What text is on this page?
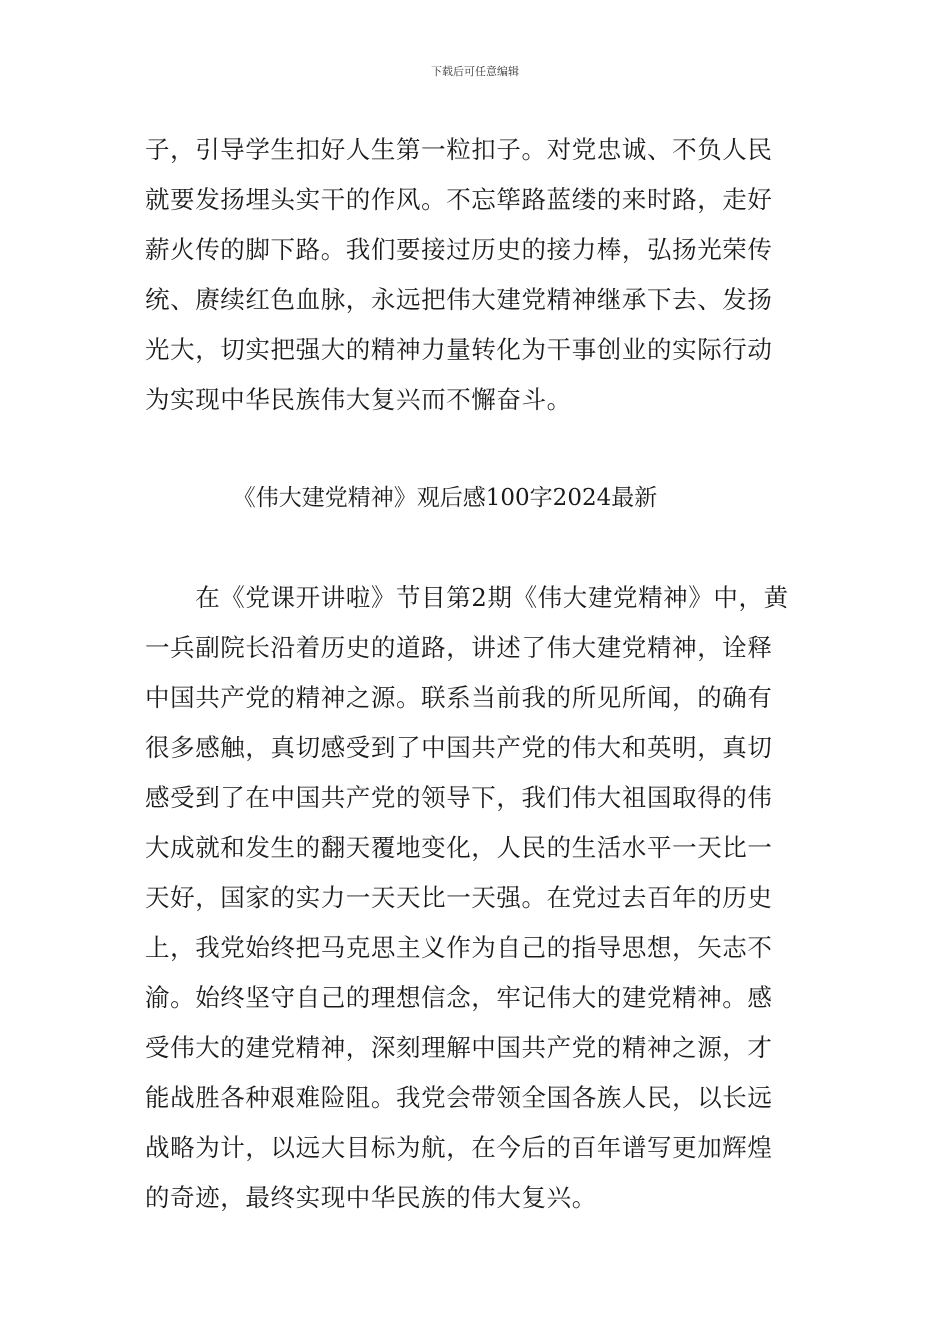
下载后可任意编辑
子，引导学生扣好人生第一粒扣子。对党忠诚、不负人民
就要发扬埋头实干的作风。不忘筚路蓝缕的来时路，走好
薪火传的脚下路。我们要接过历史的接力棒，弘扬光荣传
统、赓续红色血脉，永远把伟大建党精神继承下去、发扬
光大，切实把强大的精神力量转化为干事创业的实际行动
为实现中华民族伟大复兴而不懈奋斗。
《伟大建党精神》观后感100字2024最新
　　在《党课开讲啦》节目第2期《伟大建党精神》中，黄
一兵副院长沿着历史的道路，讲述了伟大建党精神，诠释
中国共产党的精神之源。联系当前我的所见所闻，的确有
很多感触，真切感受到了中国共产党的伟大和英明，真切
感受到了在中国共产党的领导下，我们伟大祖国取得的伟
大成就和发生的翻天覆地变化，人民的生活水平一天比一
天好，国家的实力一天天比一天强。在党过去百年的历史
上，我党始终把马克思主义作为自己的指导思想，矢志不
渝。始终坚守自己的理想信念，牢记伟大的建党精神。感
受伟大的建党精神，深刻理解中国共产党的精神之源，才
能战胜各种艰难险阻。我党会带领全国各族人民，以长远
战略为计，以远大目标为航，在今后的百年谱写更加辉煌
的奇迹，最终实现中华民族的伟大复兴。
